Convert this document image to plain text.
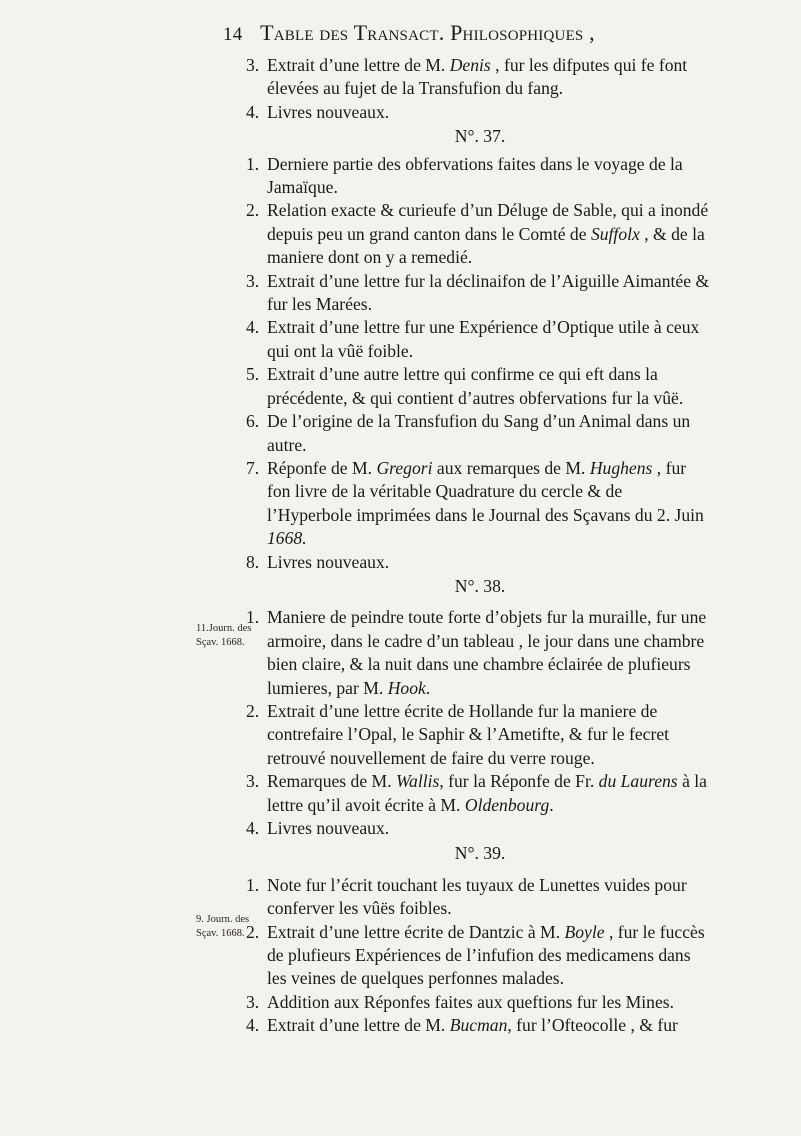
14 Table des Transact. Philosophiques ,

3. Extrait d’une lettre de M. Denis , fur les difputes qui fe font élevées au fujet de la Transfufion du fang.

4. Livres nouveaux.

N°. 37.

1. Derniere partie des obfervations faites dans le voyage de la Jamaïque.

2. Relation exacte & curieufe d’un Déluge de Sable, qui a inondé depuis peu un grand canton dans le Comté de Suffolx , & de la maniere dont on y a remedié.

3. Extrait d’une lettre fur la déclinaifon de l’Aiguille Aimantée & fur les Marées.

4. Extrait d’une lettre fur une Expérience d’Optique utile à ceux qui ont la vûë foible.

5. Extrait d’une autre lettre qui confirme ce qui eft dans la précédente, & qui contient d’autres obfervations fur la vûë.

6. De l’origine de la Transfufion du Sang d’un Animal dans un autre.

7. Réponfe de M. Gregori aux remarques de M. Hughens , fur fon livre de la véritable Quadrature du cercle & de l’Hyperbole imprimées dans le Journal des Sçavans du 2. Juin 1668.

8. Livres nouveaux.

N°. 38.

1. Maniere de peindre toute forte d’objets fur la muraille, fur une armoire, dans le cadre d’un tableau , le jour dans une chambre bien claire, & la nuit dans une chambre éclairée de plufieurs lumieres, par M. Hook.

2. Extrait d’une lettre écrite de Hollande fur la maniere de contrefaire l’Opal, le Saphir & l’Ametifte, & fur le fecret retrouvé nouvellement de faire du verre rouge.

3. Remarques de M. Wallis, fur la Réponfe de Fr. du Laurens à la lettre qu’il avoit écrite à M. Oldenbourg.

4. Livres nouveaux.

N°. 39.

1. Note fur l’écrit touchant les tuyaux de Lunettes vuides pour conferver les vûës foibles.

2. Extrait d’une lettre écrite de Dantzic à M. Boyle , fur le fuccès de plufieurs Expériences de l’infufion des medicamens dans les veines de quelques perfonnes malades.

3. Addition aux Réponfes faites aux queftions fur les Mines.

4. Extrait d’une lettre de M. Bucman, fur l’Ofteocolle , & fur

11.Journ. des
Sçav. 1668.
9. Journ. des
Sçav. 1668.
